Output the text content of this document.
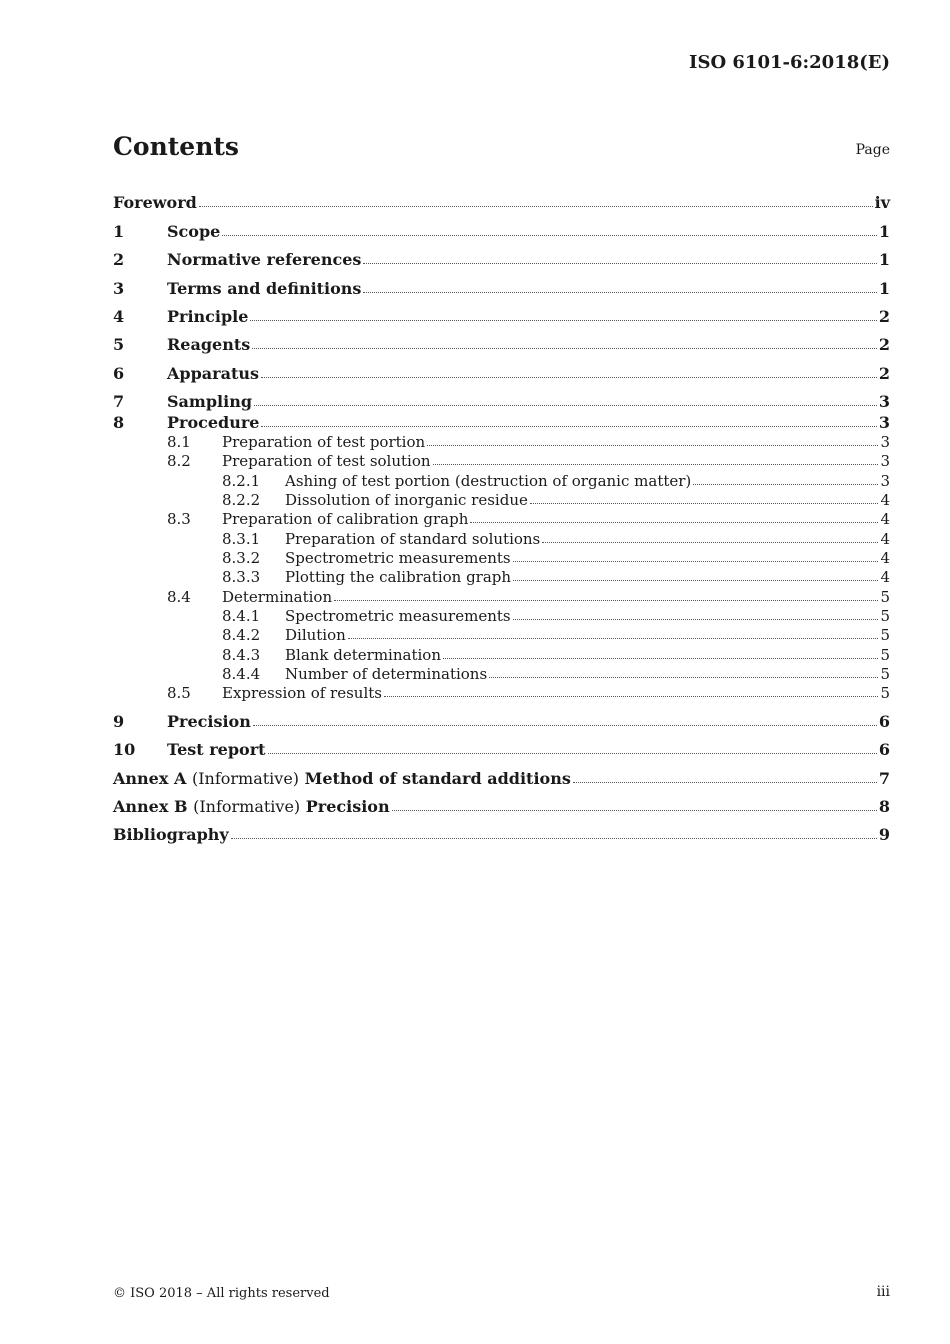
ISO 6101-6:2018(E)
Contents	Page
Foreword	iv
1	Scope	1
2	Normative references	1
3	Terms and definitions	1
4	Principle	2
5	Reagents	2
6	Apparatus	2
7	Sampling	3
8	Procedure	3
8.1	Preparation of test portion	3
8.2	Preparation of test solution	3
8.2.1	Ashing of test portion (destruction of organic matter)	3
8.2.2	Dissolution of inorganic residue	4
8.3	Preparation of calibration graph	4
8.3.1	Preparation of standard solutions	4
8.3.2	Spectrometric measurements	4
8.3.3	Plotting the calibration graph	4
8.4	Determination	5
8.4.1	Spectrometric measurements	5
8.4.2	Dilution	5
8.4.3	Blank determination	5
8.4.4	Number of determinations	5
8.5	Expression of results	5
9	Precision	6
10	Test report	6
Annex A (Informative) Method of standard additions	7
Annex B (Informative) Precision	8
Bibliography	9
© ISO 2018 – All rights reserved	iii
